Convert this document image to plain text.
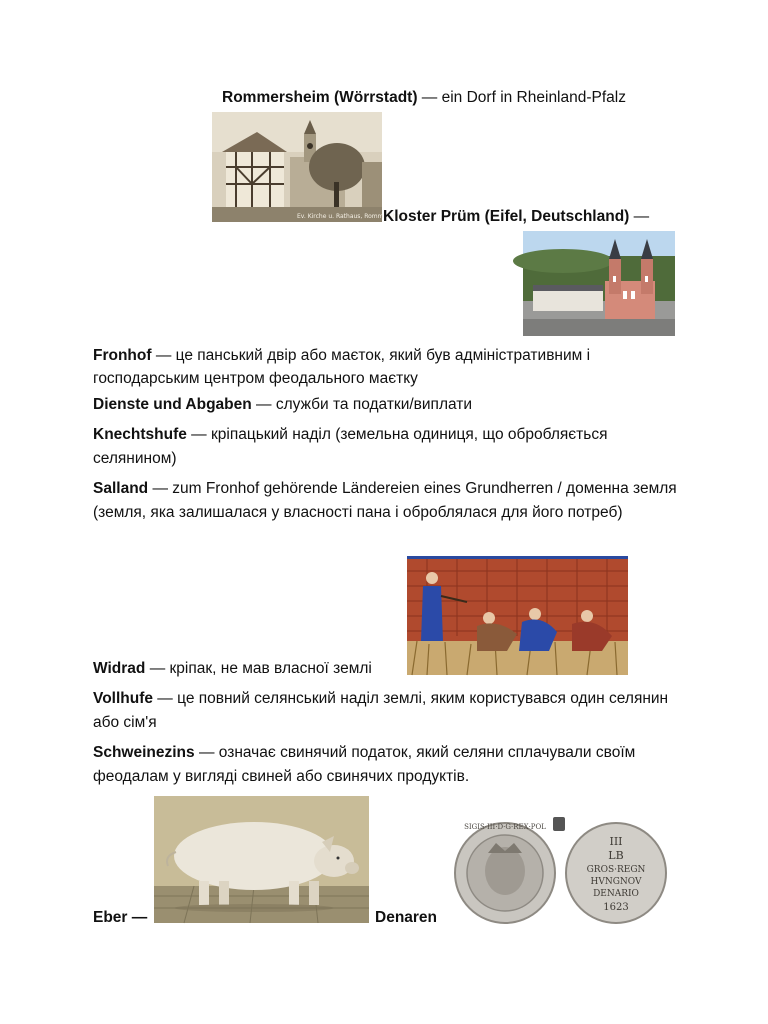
Rommersheim (Wörrstadt) — ein Dorf in Rheinland-Pfalz
Ev. Kirche u. Rathaus, Rommersheim
Kloster Prüm (Eifel, Deutschland) —
Fronhof — це панський двір або маєток, який був адміністративним і господарським центром феодального маєтку
Dienste und Abgaben — служби та податки/виплати
Knechtshufe — кріпацький наділ (земельна одиниця, що обробляється селянином)
Salland — zum Fronhof gehörende Ländereien eines Grundherren / доменна земля (земля, яка залишалася у власності пана і оброблялася для його потреб)
Widrad — кріпак, не мав власної землі
Vollhufe — це повний селянський наділ землі, яким користувався один селянин або сім'я
Schweinezins — означає свинячий податок, який селяни сплачували своїм феодалам у вигляді свиней або свинячих продуктів.
SIGIS·III·D·G·REX·POL
III
LB
GROS·REGN
HVNGNOV
DENARIO
1623
Eber —	Denaren
